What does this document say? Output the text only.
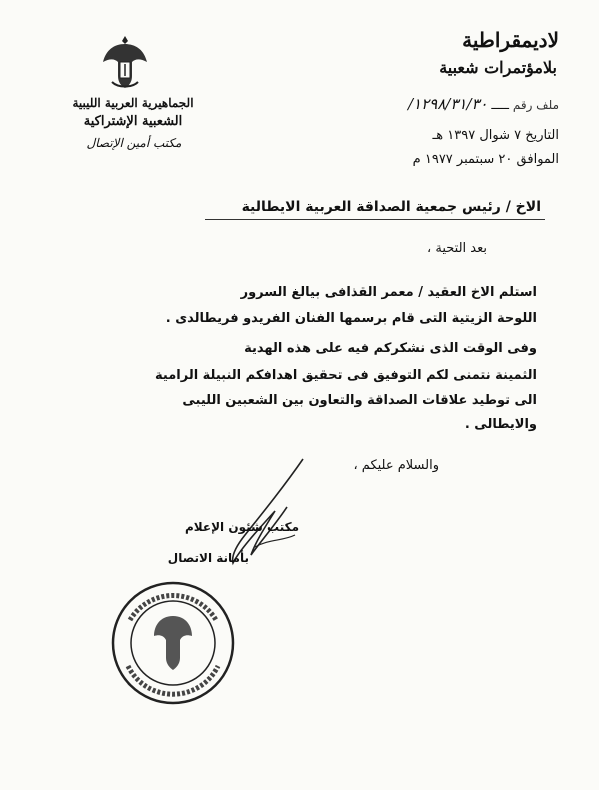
الجماهيرية العربية الليبية
الشعبية الإشتراكية
مكتب أمين الإتصال
لاديمقراطية
بلامؤتمرات شعبية
ملف رقم ـــــ ١٢٩٨/٣١/٣٠/
التاريخ ٧ شوال ١٣٩٧ هـ
الموافق ٢٠ سبتمبر ١٩٧٧ م
الاخ / رئيس جمعية الصداقة العربية الايطالية
بعد التحية ،
استلم الاخ العقيد / معمر القذافى بيالغ السرور
اللوحة الزيتية التى قام برسمها الفنان الفريدو فريطالدى .
وفى الوقت الذى نشكركم فيه على هذه الهدية
الثمينة نتمنى لكم التوفيق فى تحقيق اهدافكم النبيلة الرامية
الى توطيد علاقات الصداقة والتعاون بين الشعبين الليبى
والايطالى .
والسلام عليكم ،
مكتب شئون الإعلام
بأمانة الاتصال
